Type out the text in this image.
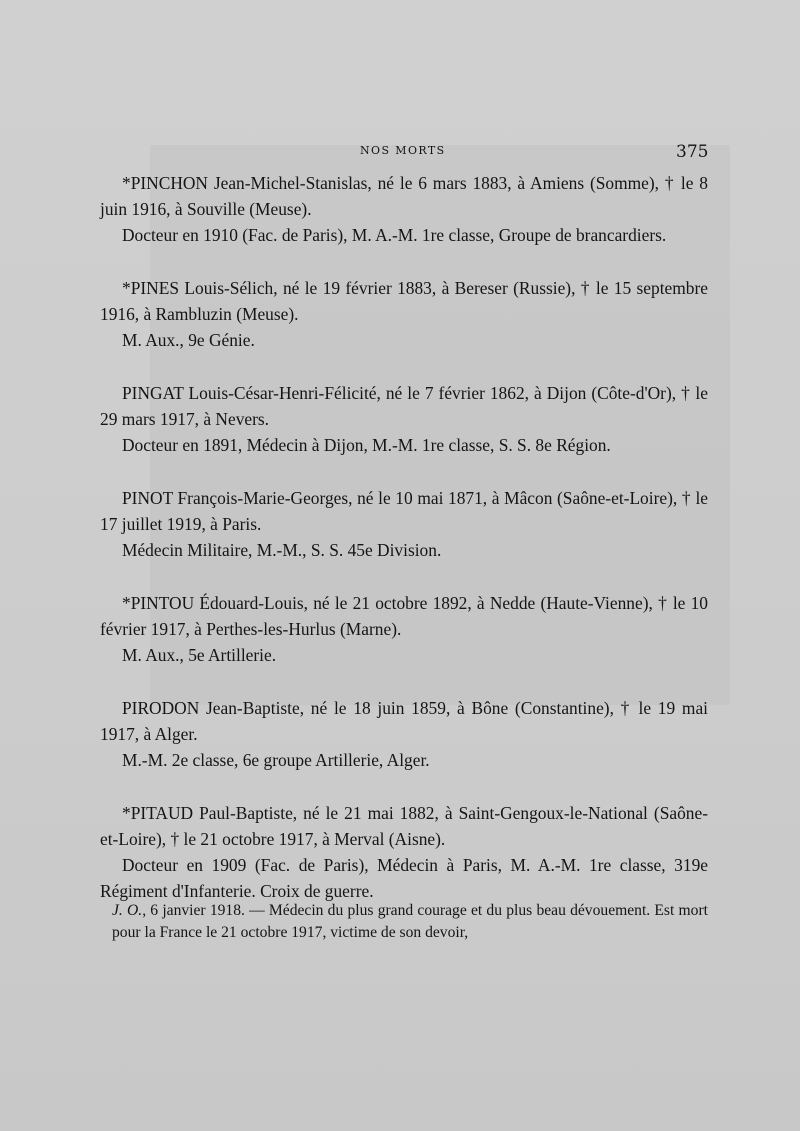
NOS MORTS	375

*PINCHON Jean-Michel-Stanislas, né le 6 mars 1883, à Amiens (Somme), † le 8 juin 1916, à Souville (Meuse).

Docteur en 1910 (Fac. de Paris), M. A.-M. 1re classe, Groupe de brancardiers.

*PINES Louis-Sélich, né le 19 février 1883, à Bereser (Russie), † le 15 septembre 1916, à Rambluzin (Meuse).

M. Aux., 9e Génie.

PINGAT Louis-César-Henri-Félicité, né le 7 février 1862, à Dijon (Côte-d'Or), † le 29 mars 1917, à Nevers.

Docteur en 1891, Médecin à Dijon, M.-M. 1re classe, S. S. 8e Région.

PINOT François-Marie-Georges, né le 10 mai 1871, à Mâcon (Saône-et-Loire), † le 17 juillet 1919, à Paris.

Médecin Militaire, M.-M., S. S. 45e Division.

*PINTOU Édouard-Louis, né le 21 octobre 1892, à Nedde (Haute-Vienne), † le 10 février 1917, à Perthes-les-Hurlus (Marne).

M. Aux., 5e Artillerie.

PIRODON Jean-Baptiste, né le 18 juin 1859, à Bône (Constantine), † le 19 mai 1917, à Alger.

M.-M. 2e classe, 6e groupe Artillerie, Alger.

*PITAUD Paul-Baptiste, né le 21 mai 1882, à Saint-Gengoux-le-National (Saône-et-Loire), † le 21 octobre 1917, à Merval (Aisne).

Docteur en 1909 (Fac. de Paris), Médecin à Paris, M. A.-M. 1re classe, 319e Régiment d'Infanterie. Croix de guerre.

J. O., 6 janvier 1918. — Médecin du plus grand courage et du plus beau dévouement. Est mort pour la France le 21 octobre 1917, victime de son devoir,
